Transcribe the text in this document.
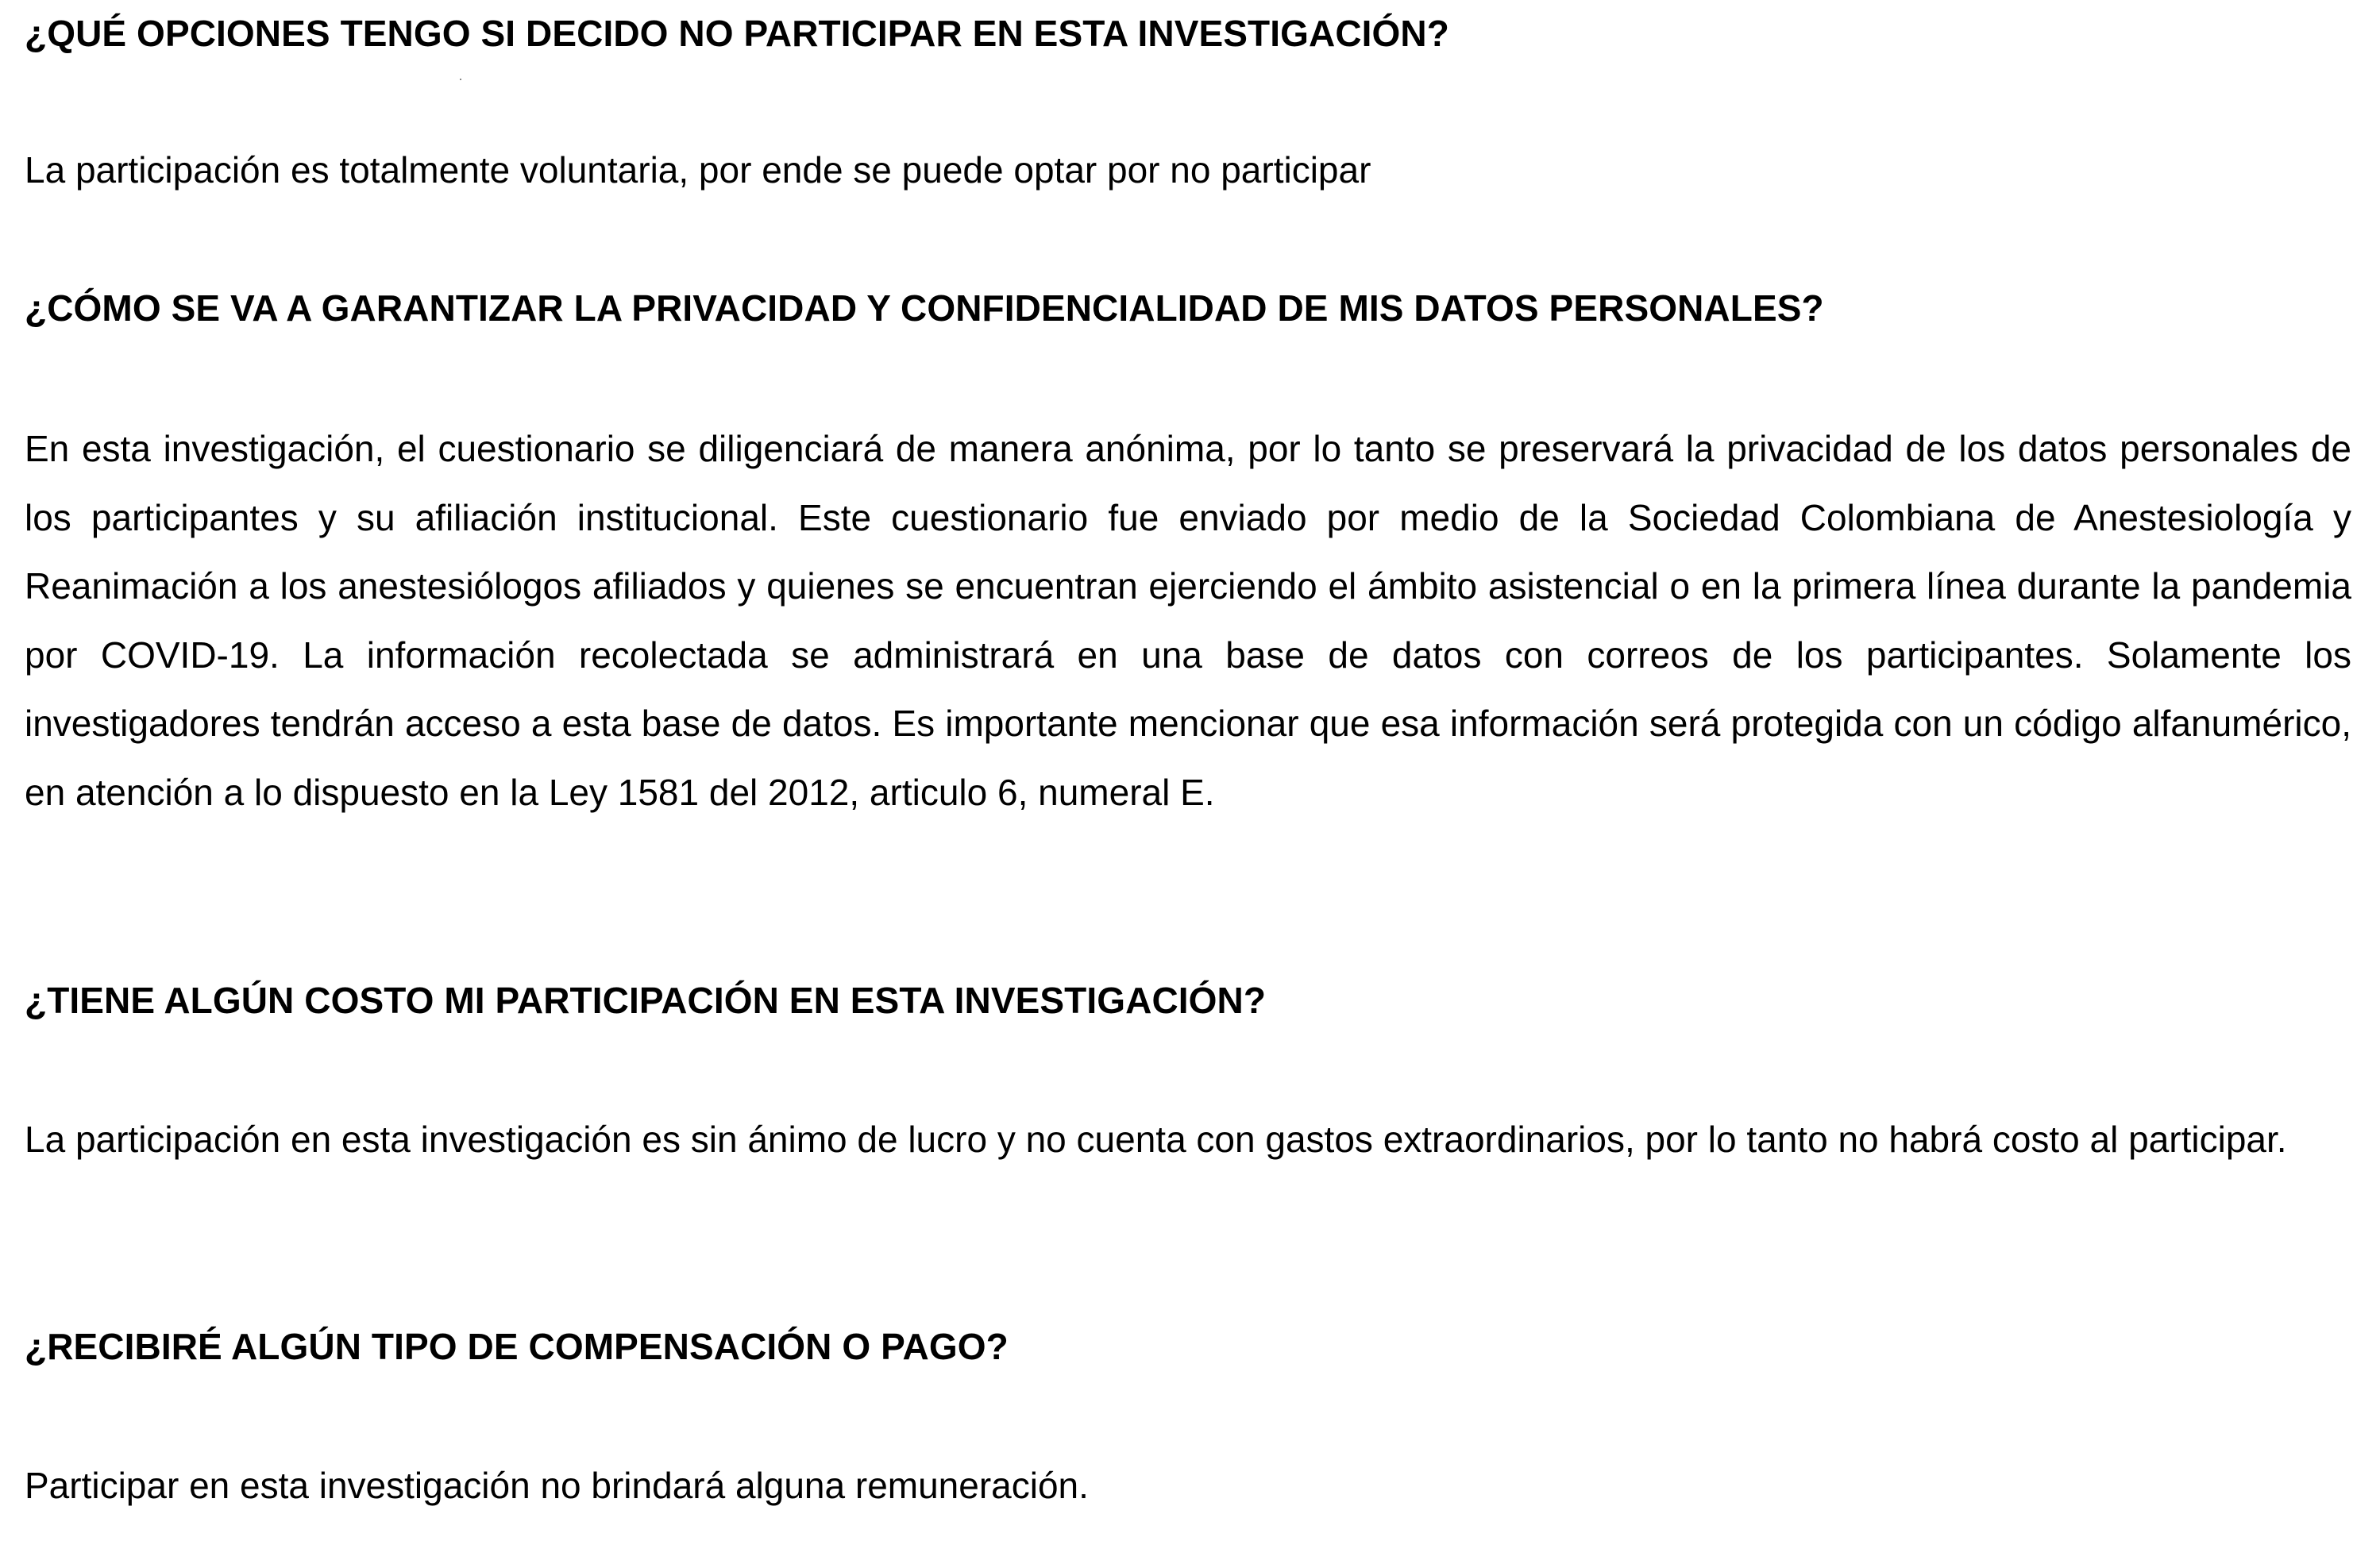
¿QUÉ OPCIONES TENGO SI DECIDO NO PARTICIPAR EN ESTA INVESTIGACIÓN?

La participación es totalmente voluntaria, por ende se puede optar por no participar

¿CÓMO SE VA A GARANTIZAR LA PRIVACIDAD Y CONFIDENCIALIDAD DE MIS DATOS PERSONALES?

En esta investigación, el cuestionario se diligenciará de manera anónima, por lo tanto se preservará la privacidad de los datos personales de los participantes y su afiliación institucional. Este cuestionario fue enviado por medio de la Sociedad Colombiana de Anestesiología y Reanimación a los anestesiólogos afiliados y quienes se encuentran ejerciendo el ámbito asistencial o en la primera línea durante la pandemia por COVID-19. La información recolectada se administrará en una base de datos con correos de los participantes. Solamente los investigadores tendrán acceso a esta base de datos. Es importante mencionar que esa información será protegida con un código alfanumérico, en atención a lo dispuesto en la Ley 1581 del 2012, articulo 6, numeral E.

¿TIENE ALGÚN COSTO MI PARTICIPACIÓN EN ESTA INVESTIGACIÓN?

La participación en esta investigación es sin ánimo de lucro y no cuenta con gastos extraordinarios, por lo tanto no habrá costo al participar.

¿RECIBIRÉ ALGÚN TIPO DE COMPENSACIÓN O PAGO?

Participar en esta investigación no brindará alguna remuneración.
